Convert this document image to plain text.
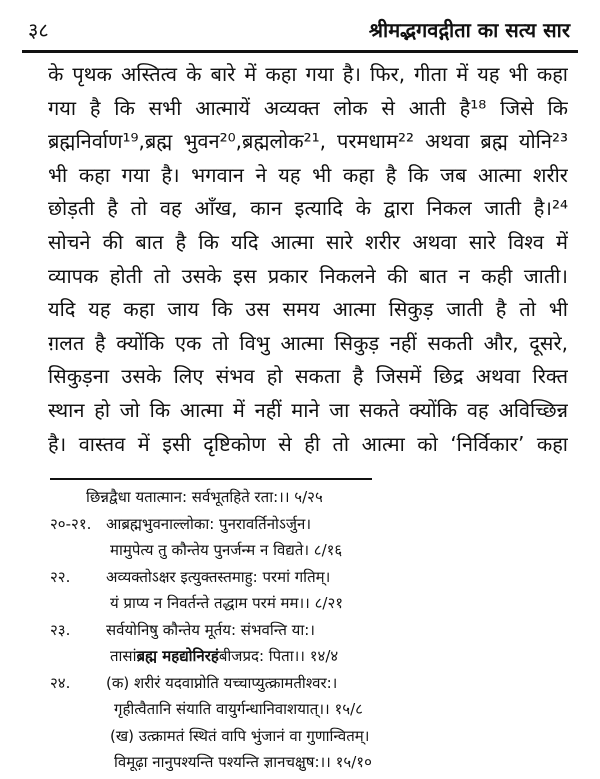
३८	श्रीमद्भगवद्गीता का सत्य सार
के पृथक अस्तित्व के बारे में कहा गया है। फिर, गीता में यह भी कहा
गया है कि सभी आत्मायें अव्यक्त लोक से आती है¹⁸ जिसे कि
ब्रह्मनिर्वाण¹⁹,ब्रह्म भुवन²⁰,ब्रह्मलोक²¹, परमधाम²² अथवा ब्रह्म योनि²³
भी कहा गया है। भगवान ने यह भी कहा है कि जब आत्मा शरीर
छोड़ती है तो वह आँख, कान इत्यादि के द्वारा निकल जाती है।²⁴
सोचने की बात है कि यदि आत्मा सारे शरीर अथवा सारे विश्व में
व्यापक होती तो उसके इस प्रकार निकलने की बात न कही जाती।
यदि यह कहा जाय कि उस समय आत्मा सिकुड़ जाती है तो भी
ग़लत है क्योंकि एक तो विभु आत्मा सिकुड़ नहीं सकती और, दूसरे,
सिकुड़ना उसके लिए संभव हो सकता है जिसमें छिद्र अथवा रिक्त
स्थान हो जो कि आत्मा में नहीं माने जा सकते क्योंकि वह अविच्छिन्न
है। वास्तव में इसी दृष्टिकोण से ही तो आत्मा को ‘निर्विकार’ कहा
छिन्नद्वैधा यतात्मान: सर्वभूतहिते रता:।। ५/२५
२०-२१. आब्रह्मभुवनाल्लोका: पुनरावर्तिनोऽर्जुन।
मामुपेत्य तु कौन्तेय पुनर्जन्म न विद्यते। ८/१६
२२.	अव्यक्तोऽक्षर इत्युक्तस्तमाहु: परमां गतिम्।
यं प्राप्य न निवर्तन्ते तद्धाम परमं मम।। ८/२१
२३.	सर्वयोनिषु कौन्तेय मूर्तय: संभवन्ति या:।
तासां ब्रह्म महद्योनिरहं बीजप्रद: पिता।। १४/४
२४.	(क) शरीरं यदवाप्नोति यच्चाप्युत्क्रामतीश्वर:।
गृहीत्वैतानि संयाति वायुर्गन्धानिवाशयात्।। १५/८
(ख) उत्क्रामतं स्थितं वापि भुंजानं वा गुणान्वितम्।
विमूढ़ा नानुपश्यन्ति पश्यन्ति ज्ञानचक्षुष:।। १५/१०
